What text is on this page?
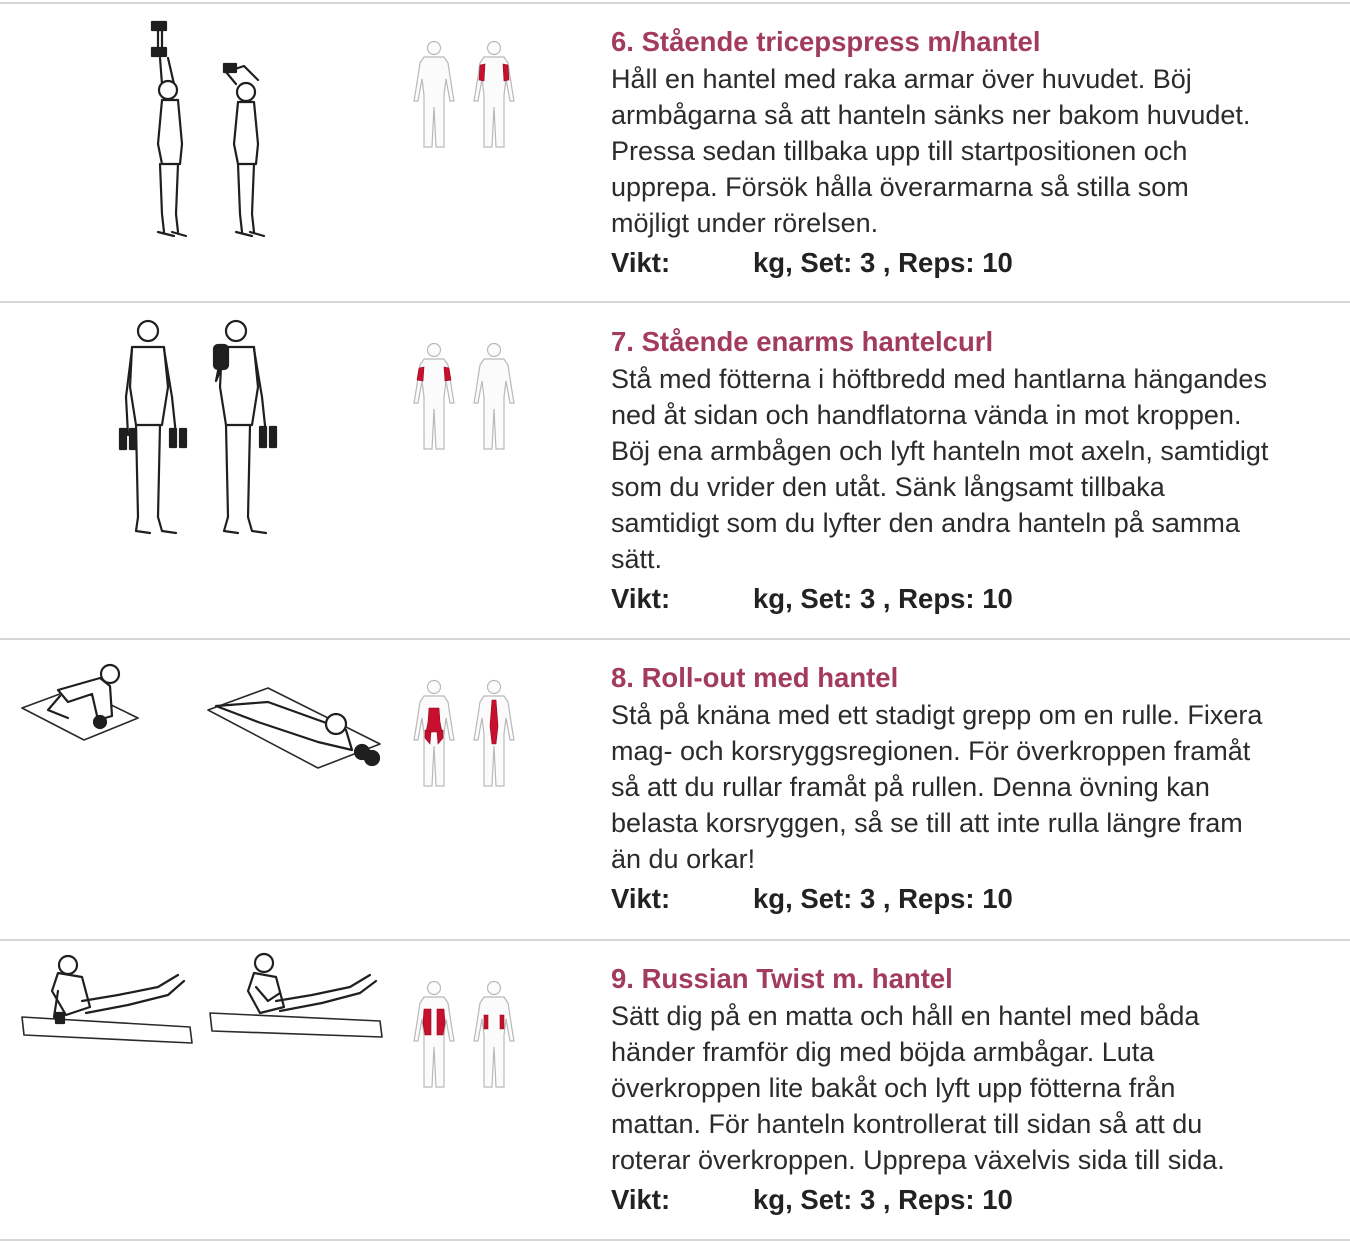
6. Stående tricepspress m/hantel

Håll en hantel med raka armar över huvudet. Böj
armbågarna så att hanteln sänks ner bakom huvudet.
Pressa sedan tillbaka upp till startpositionen och
upprepa. Försök hålla överarmarna så stilla som
möjligt under rörelsen.

Vikt:	kg, Set: 3 , Reps: 10

7. Stående enarms hantelcurl

Stå med fötterna i höftbredd med hantlarna hängandes
ned åt sidan och handflatorna vända in mot kroppen.
Böj ena armbågen och lyft hanteln mot axeln, samtidigt
som du vrider den utåt. Sänk långsamt tillbaka
samtidigt som du lyfter den andra hanteln på samma
sätt.

Vikt:	kg, Set: 3 , Reps: 10

8. Roll-out med hantel

Stå på knäna med ett stadigt grepp om en rulle. Fixera
mag- och korsryggsregionen. För överkroppen framåt
så att du rullar framåt på rullen. Denna övning kan
belasta korsryggen, så se till att inte rulla längre fram
än du orkar!

Vikt:	kg, Set: 3 , Reps: 10

9. Russian Twist m. hantel

Sätt dig på en matta och håll en hantel med båda
händer framför dig med böjda armbågar. Luta
överkroppen lite bakåt och lyft upp fötterna från
mattan. För hanteln kontrollerat till sidan så att du
roterar överkroppen. Upprepa växelvis sida till sida.

Vikt:	kg, Set: 3 , Reps: 10
